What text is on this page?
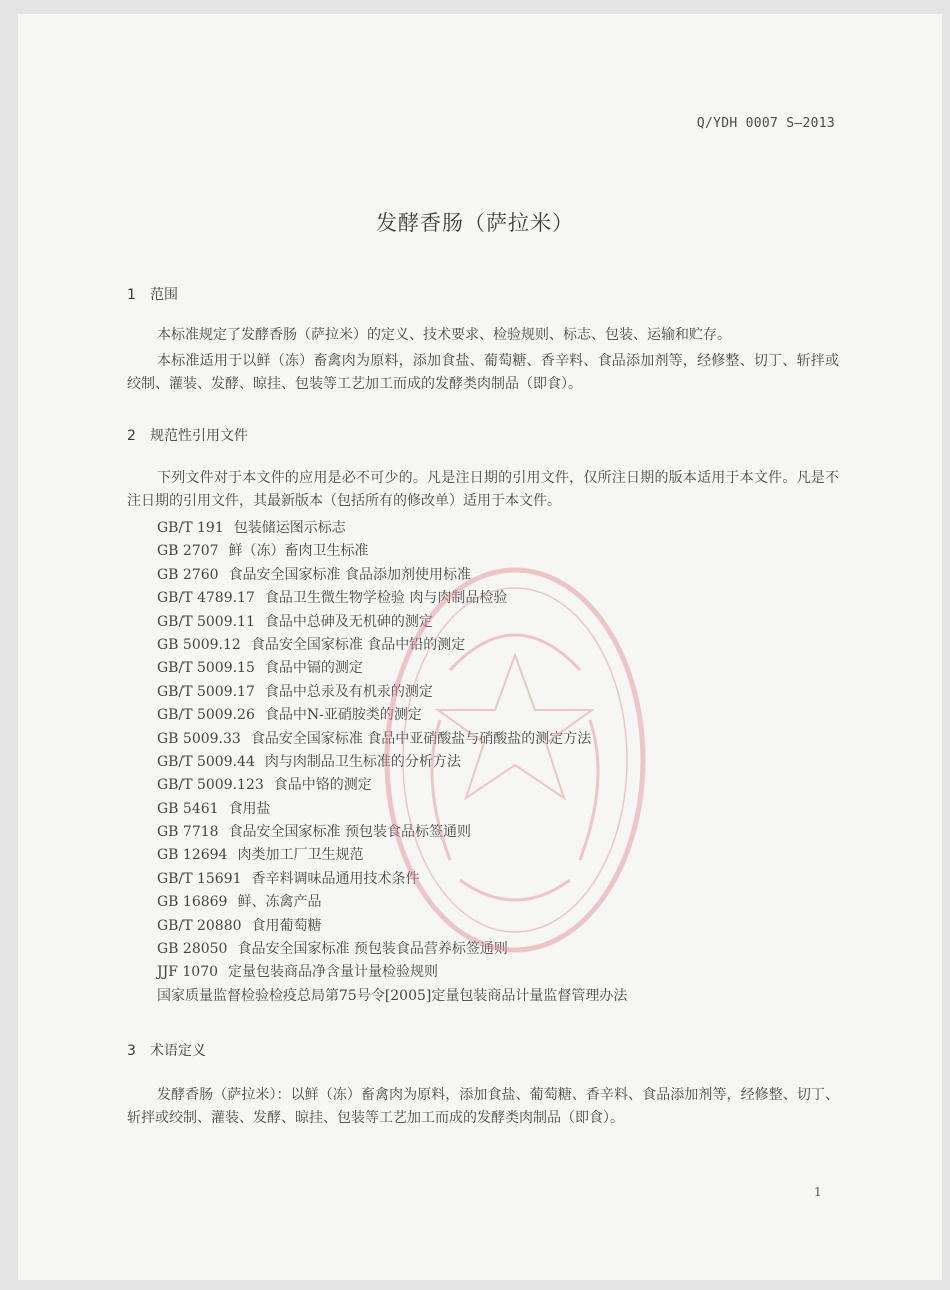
Q/YDH 0007 S—2013
发酵香肠（萨拉米）
1 范围

本标准规定了发酵香肠（萨拉米）的定义、技术要求、检验规则、标志、包装、运输和贮存。

本标准适用于以鲜（冻）畜禽肉为原料，添加食盐、葡萄糖、香辛料、食品添加剂等，经修整、切丁、斩拌或绞制、灌装、发酵、晾挂、包装等工艺加工而成的发酵类肉制品（即食）。

2 规范性引用文件

下列文件对于本文件的应用是必不可少的。凡是注日期的引用文件，仅所注日期的版本适用于本文件。凡是不注日期的引用文件，其最新版本（包括所有的修改单）适用于本文件。

GB/T 191 包装储运图示标志
GB 2707 鲜（冻）畜肉卫生标准
GB 2760 食品安全国家标准 食品添加剂使用标准
GB/T 4789.17 食品卫生微生物学检验 肉与肉制品检验
GB/T 5009.11 食品中总砷及无机砷的测定
GB 5009.12 食品安全国家标准 食品中铅的测定
GB/T 5009.15 食品中镉的测定
GB/T 5009.17 食品中总汞及有机汞的测定
GB/T 5009.26 食品中N-亚硝胺类的测定
GB 5009.33 食品安全国家标准 食品中亚硝酸盐与硝酸盐的测定方法
GB/T 5009.44 肉与肉制品卫生标准的分析方法
GB/T 5009.123 食品中铬的测定
GB 5461 食用盐
GB 7718 食品安全国家标准 预包装食品标签通则
GB 12694 肉类加工厂卫生规范
GB/T 15691 香辛料调味品通用技术条件
GB 16869 鲜、冻禽产品
GB/T 20880 食用葡萄糖
GB 28050 食品安全国家标准 预包装食品营养标签通则
JJF 1070 定量包装商品净含量计量检验规则
国家质量监督检验检疫总局第75号令[2005]定量包装商品计量监督管理办法
3 术语定义

发酵香肠（萨拉米）：以鲜（冻）畜禽肉为原料，添加食盐、葡萄糖、香辛料、食品添加剂等，经修整、切丁、斩拌或绞制、灌装、发酵、晾挂、包装等工艺加工而成的发酵类肉制品（即食）。

1
